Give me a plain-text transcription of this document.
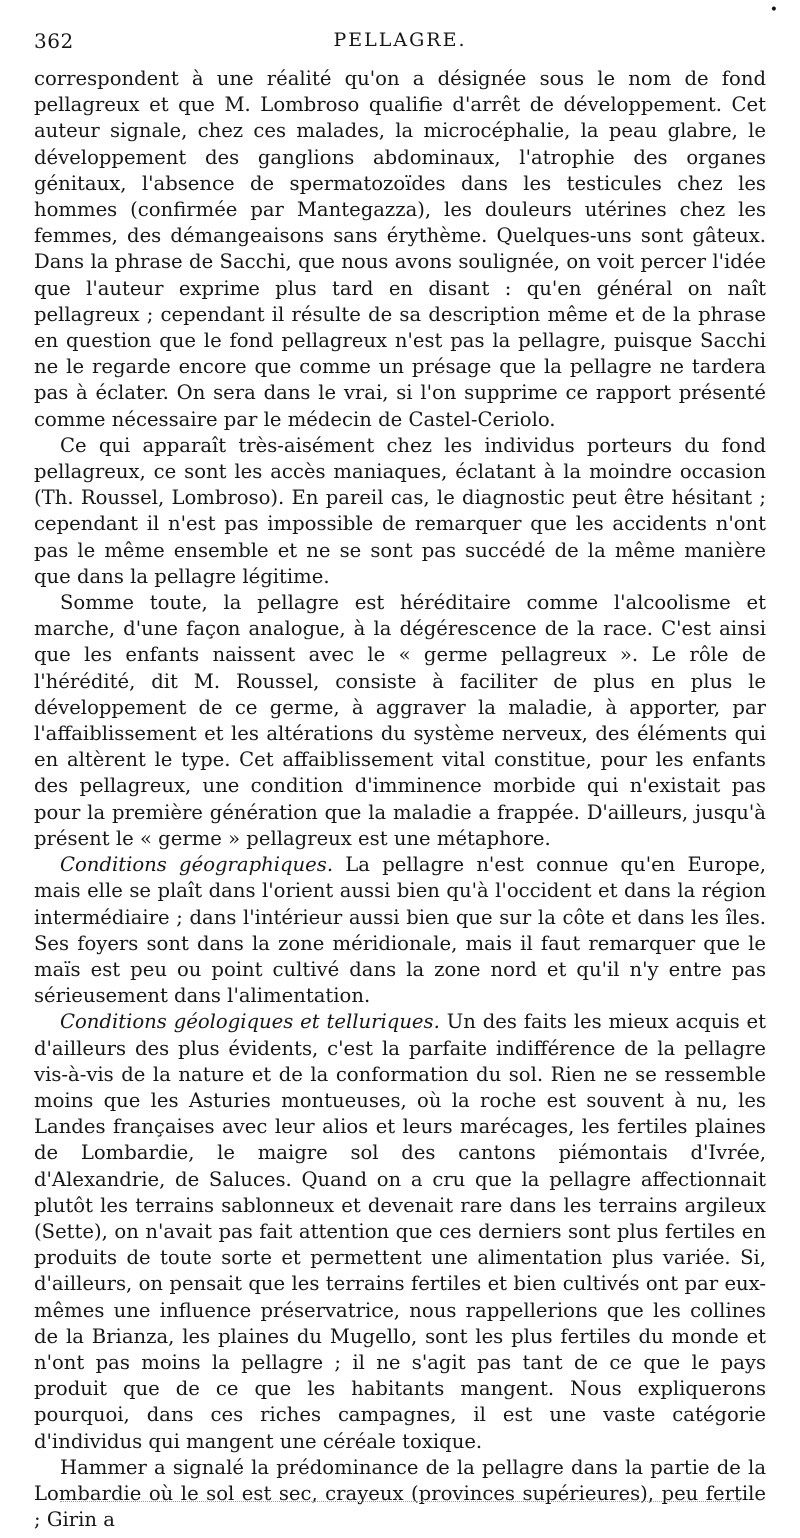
362	PELLAGRE.
•

correspondent à une réalité qu'on a désignée sous le nom de fond pellagreux et que M. Lombroso qualifie d'arrêt de développement. Cet auteur signale, chez ces malades, la microcéphalie, la peau glabre, le développement des ganglions abdominaux, l'atrophie des organes génitaux, l'absence de spermatozoïdes dans les testicules chez les hommes (confirmée par Mantegazza), les douleurs utérines chez les femmes, des démangeaisons sans érythème. Quelques-uns sont gâteux. Dans la phrase de Sacchi, que nous avons soulignée, on voit percer l'idée que l'auteur exprime plus tard en disant : qu'en général on naît pellagreux ; cependant il résulte de sa description même et de la phrase en question que le fond pellagreux n'est pas la pellagre, puisque Sacchi ne le regarde encore que comme un présage que la pellagre ne tardera pas à éclater. On sera dans le vrai, si l'on supprime ce rapport présenté comme nécessaire par le médecin de Castel-Ceriolo.

Ce qui apparaît très-aisément chez les individus porteurs du fond pellagreux, ce sont les accès maniaques, éclatant à la moindre occasion (Th. Roussel, Lombroso). En pareil cas, le diagnostic peut être hésitant ; cependant il n'est pas impossible de remarquer que les accidents n'ont pas le même ensemble et ne se sont pas succédé de la même manière que dans la pellagre légitime.

Somme toute, la pellagre est héréditaire comme l'alcoolisme et marche, d'une façon analogue, à la dégérescence de la race. C'est ainsi que les enfants naissent avec le « germe pellagreux ». Le rôle de l'hérédité, dit M. Roussel, consiste à faciliter de plus en plus le développement de ce germe, à aggraver la maladie, à apporter, par l'affaiblissement et les altérations du système nerveux, des éléments qui en altèrent le type. Cet affaiblissement vital constitue, pour les enfants des pellagreux, une condition d'imminence morbide qui n'existait pas pour la première génération que la maladie a frappée. D'ailleurs, jusqu'à présent le « germe » pellagreux est une métaphore.

Conditions géographiques. La pellagre n'est connue qu'en Europe, mais elle se plaît dans l'orient aussi bien qu'à l'occident et dans la région intermédiaire ; dans l'intérieur aussi bien que sur la côte et dans les îles. Ses foyers sont dans la zone méridionale, mais il faut remarquer que le maïs est peu ou point cultivé dans la zone nord et qu'il n'y entre pas sérieusement dans l'alimentation.

Conditions géologiques et telluriques. Un des faits les mieux acquis et d'ailleurs des plus évidents, c'est la parfaite indifférence de la pellagre vis-à-vis de la nature et de la conformation du sol. Rien ne se ressemble moins que les Asturies montueuses, où la roche est souvent à nu, les Landes françaises avec leur alios et leurs marécages, les fertiles plaines de Lombardie, le maigre sol des cantons piémontais d'Ivrée, d'Alexandrie, de Saluces. Quand on a cru que la pellagre affectionnait plutôt les terrains sablonneux et devenait rare dans les terrains argileux (Sette), on n'avait pas fait attention que ces derniers sont plus fertiles en produits de toute sorte et permettent une alimentation plus variée. Si, d'ailleurs, on pensait que les terrains fertiles et bien cultivés ont par eux-mêmes une influence préservatrice, nous rappellerions que les collines de la Brianza, les plaines du Mugello, sont les plus fertiles du monde et n'ont pas moins la pellagre ; il ne s'agit pas tant de ce que le pays produit que de ce que les habitants mangent. Nous expliquerons pourquoi, dans ces riches campagnes, il est une vaste catégorie d'individus qui mangent une céréale toxique.

Hammer a signalé la prédominance de la pellagre dans la partie de la Lombardie où le sol est sec, crayeux (provinces supérieures), peu fertile ; Girin a
